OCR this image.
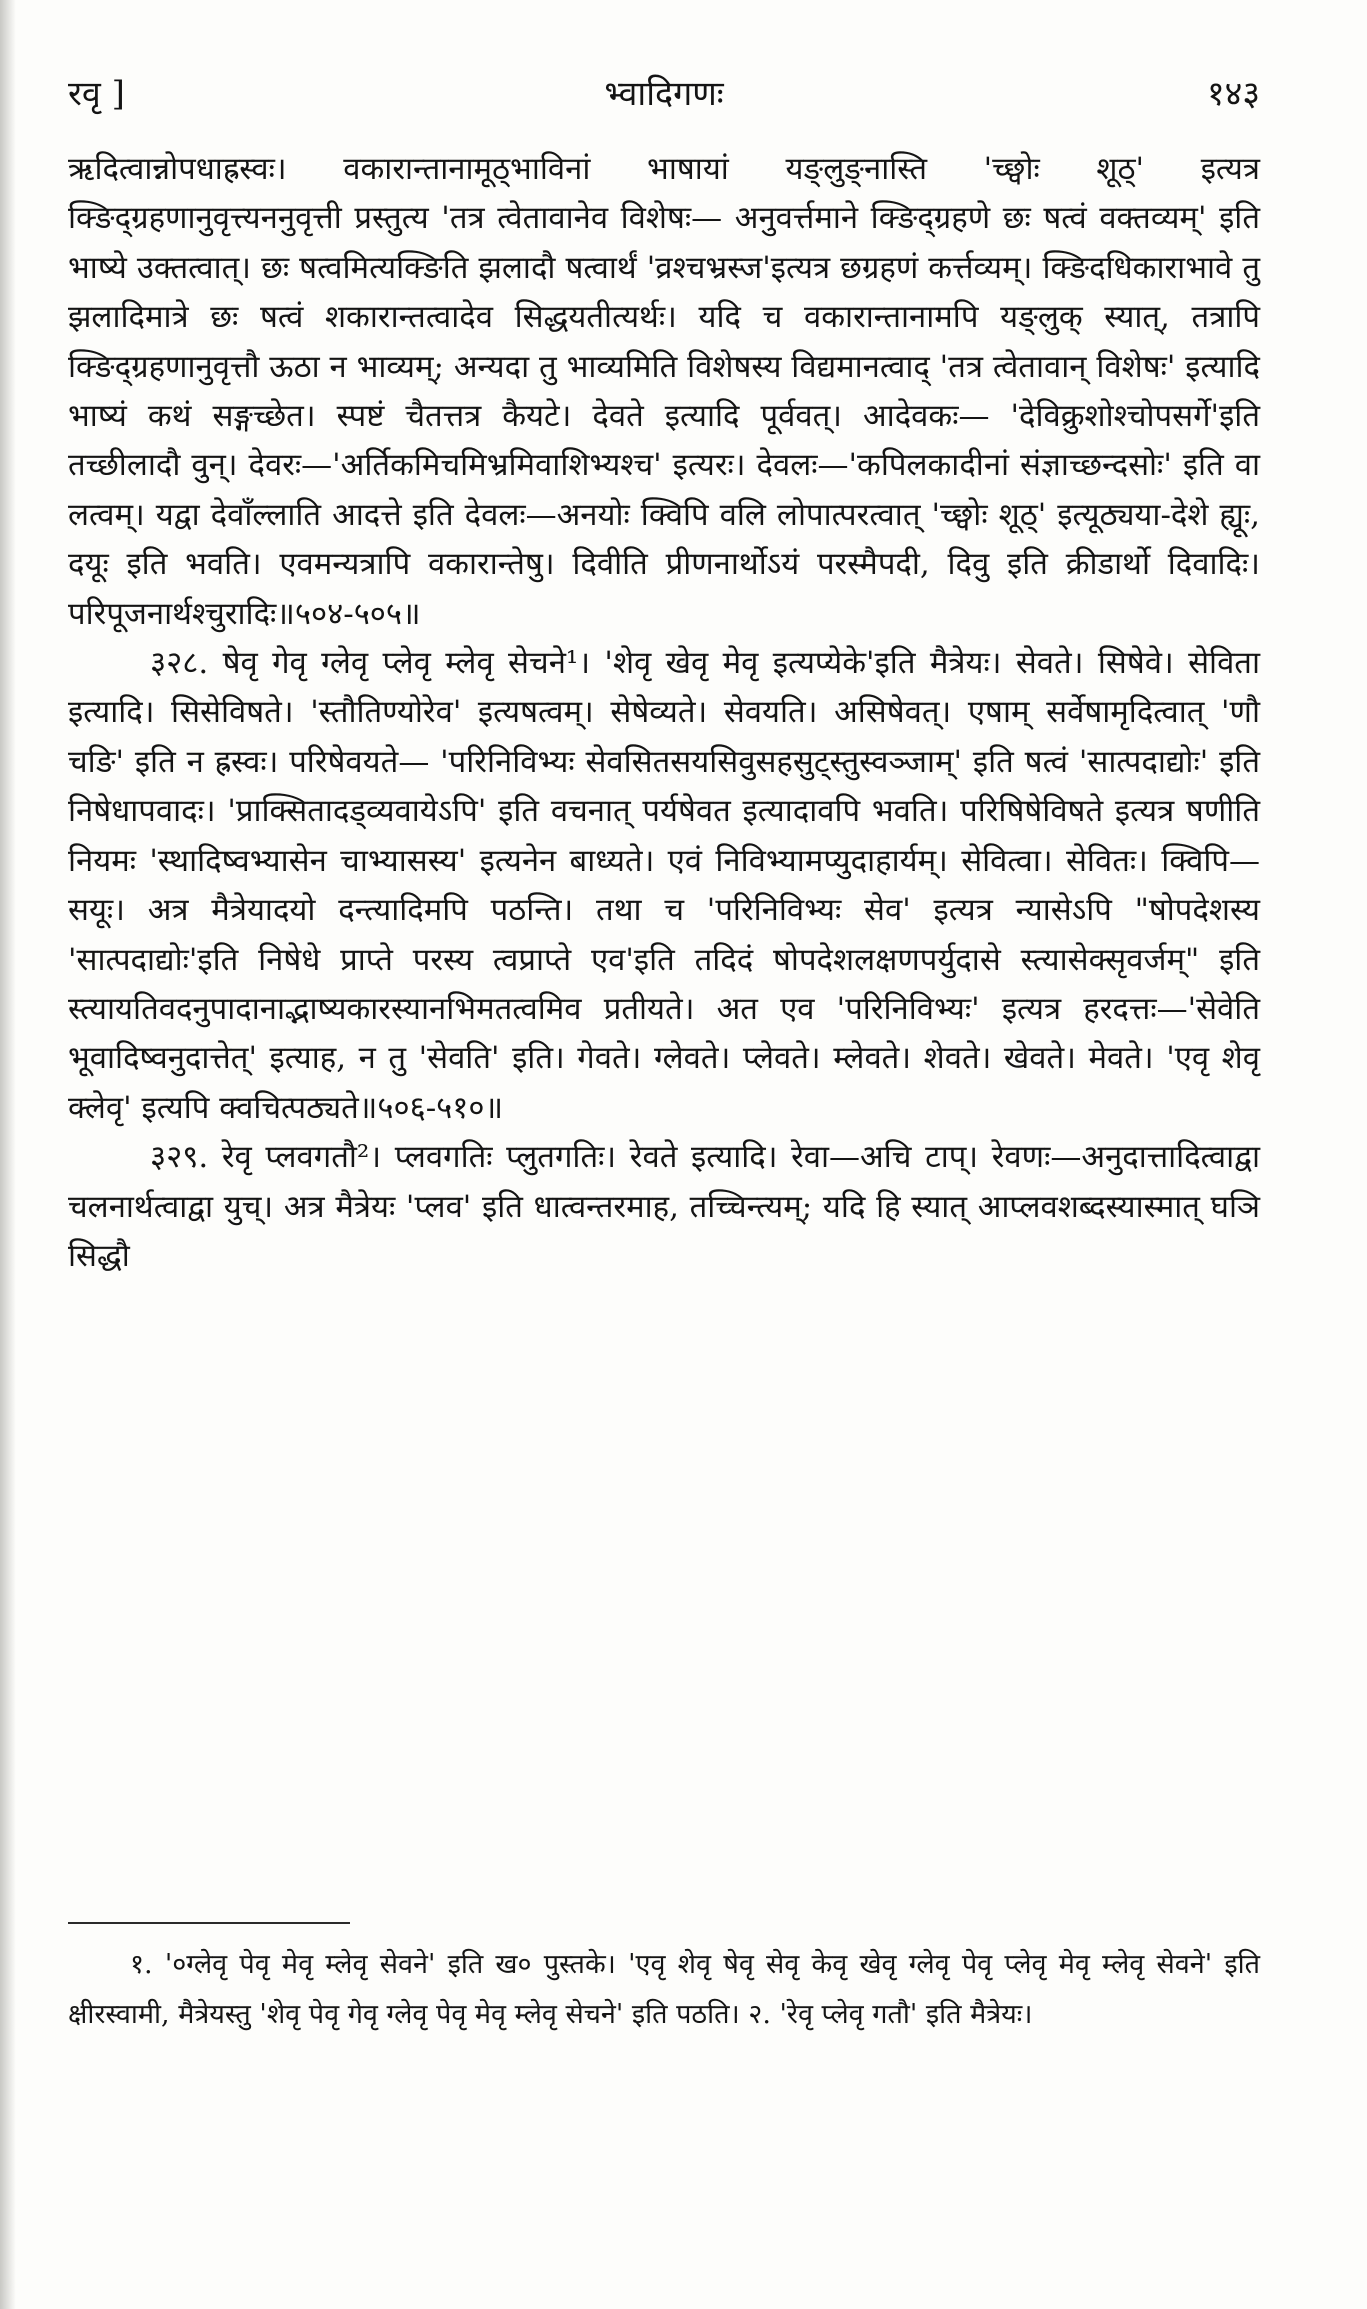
भ्वादिगणः
रवृ ]	१४३

ऋदित्वान्नोपधाह्रस्वः। वकारान्तानामूठ्भाविनां भाषायां यङ्लुङ्नास्ति 'च्छ्वोः शूठ्' इत्यत्र क्ङिद्ग्रहणानुवृत्त्यननुवृत्ती प्रस्तुत्य 'तत्र त्वेतावानेव विशेषः— अनुवर्त्तमाने क्ङिद्ग्रहणे छः षत्वं वक्तव्यम्' इति भाष्ये उक्तत्वात्। छः षत्वमित्यक्ङिति झलादौ षत्वार्थं 'व्रश्चभ्रस्ज'इत्यत्र छग्रहणं कर्त्तव्यम्। क्ङिदधिकाराभावे तु झलादिमात्रे छः षत्वं शकारान्तत्वादेव सिद्धयतीत्यर्थः। यदि च वकारान्तानामपि यङ्लुक् स्यात्, तत्रापि क्ङिद्ग्रहणानुवृत्तौ ऊठा न भाव्यम्; अन्यदा तु भाव्यमिति विशेषस्य विद्यमानत्वाद् 'तत्र त्वेतावान् विशेषः' इत्यादि भाष्यं कथं सङ्गच्छेत। स्पष्टं चैतत्तत्र कैयटे। देवते इत्यादि पूर्ववत्। आदेवकः— 'देविक्रुशोश्चोपसर्गे'इति तच्छीलादौ वुन्। देवरः—'अर्तिकमिचमिभ्रमिवाशिभ्यश्च' इत्यरः। देवलः—'कपिलकादीनां संज्ञाच्छन्दसोः' इति वा लत्वम्। यद्वा देवाँल्लाति आदत्ते इति देवलः—अनयोः क्विपि वलि लोपात्परत्वात् 'च्छ्वोः शूठ्' इत्यूठ्यया-देशे ह्यूः, दयूः इति भवति। एवमन्यत्रापि वकारान्तेषु। दिवीति प्रीणनार्थोऽयं परस्मैपदी, दिवु इति क्रीडार्थो दिवादिः। परिपूजनार्थश्चुरादिः॥५०४-५०५॥

३२८. षेवृ गेवृ ग्लेवृ प्लेवृ म्लेवृ सेचने¹। 'शेवृ खेवृ मेवृ इत्यप्येके'इति मैत्रेयः। सेवते। सिषेवे। सेविता इत्यादि। सिसेविषते। 'स्तौतिण्योरेव' इत्यषत्वम्। सेषेव्यते। सेवयति। असिषेवत्। एषाम् सर्वेषामृदित्वात् 'णौ चङि' इति न ह्रस्वः। परिषेवयते— 'परिनिविभ्यः सेवसितसयसिवुसहसुट्स्तुस्वञ्जाम्' इति षत्वं 'सात्पदाद्योः' इति निषेधापवादः। 'प्राक्सितादड्व्यवायेऽपि' इति वचनात् पर्यषेवत इत्यादावपि भवति। परिषिषेविषते इत्यत्र षणीति नियमः 'स्थादिष्वभ्यासेन चाभ्यासस्य' इत्यनेन बाध्यते। एवं निविभ्यामप्युदाहार्यम्। सेवित्वा। सेवितः। क्विपि— सयूः। अत्र मैत्रेयादयो दन्त्यादिमपि पठन्ति। तथा च 'परिनिविभ्यः सेव' इत्यत्र न्यासेऽपि "षोपदेशस्य 'सात्पदाद्योः'इति निषेधे प्राप्ते परस्य त्वप्राप्ते एव'इति तदिदं षोपदेशलक्षणपर्युदासे स्त्यासेक्सृवर्जम्" इति स्त्यायतिवदनुपादानाद्भाष्यकारस्यानभिमतत्वमिव प्रतीयते। अत एव 'परिनिविभ्यः' इत्यत्र हरदत्तः—'सेवेति भूवादिष्वनुदात्तेत्' इत्याह, न तु 'सेवति' इति। गेवते। ग्लेवते। प्लेवते। म्लेवते। शेवते। खेवते। मेवते। 'एवृ शेवृ क्लेवृ' इत्यपि क्वचित्पठ्यते॥५०६-५१०॥

३२९. रेवृ प्लवगतौ²। प्लवगतिः प्लुतगतिः। रेवते इत्यादि। रेवा—अचि टाप्। रेवणः—अनुदात्तादित्वाद्वा चलनार्थत्वाद्वा युच्। अत्र मैत्रेयः 'प्लव' इति धात्वन्तरमाह, तच्चिन्त्यम्; यदि हि स्यात् आप्लवशब्दस्यास्मात् घञि सिद्धौ

१. '०ग्लेवृ पेवृ मेवृ म्लेवृ सेवने' इति ख० पुस्तके। 'एवृ शेवृ षेवृ सेवृ केवृ खेवृ ग्लेवृ पेवृ प्लेवृ मेवृ म्लेवृ सेवने' इति क्षीरस्वामी, मैत्रेयस्तु 'शेवृ पेवृ गेवृ ग्लेवृ पेवृ मेवृ म्लेवृ सेचने' इति पठति। २. 'रेवृ प्लेवृ गतौ' इति मैत्रेयः।
